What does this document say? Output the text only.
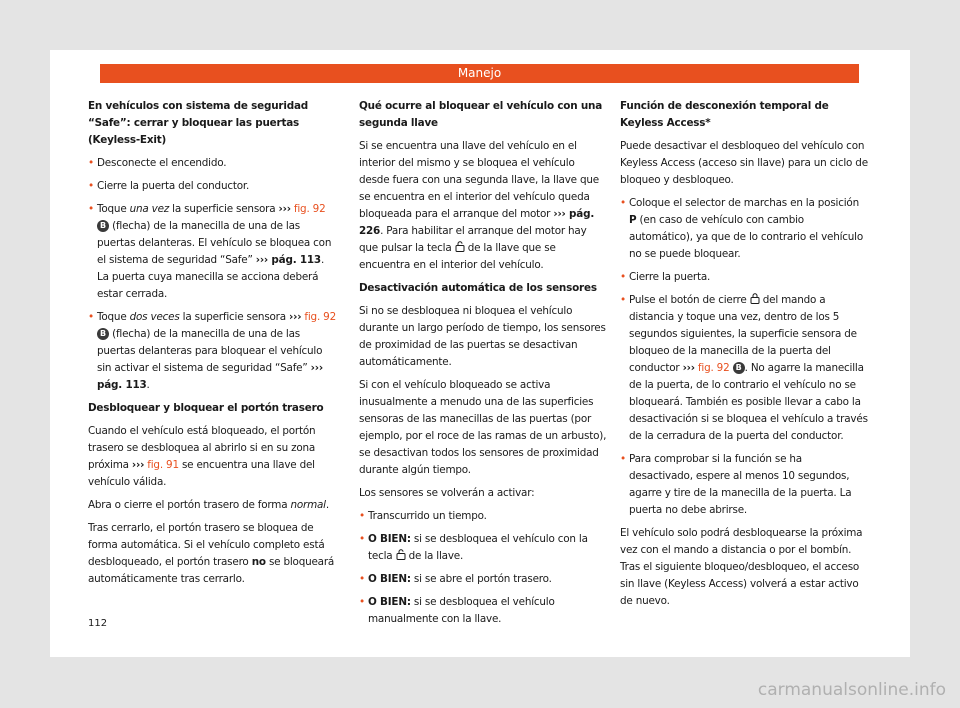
Manejo
En vehículos con sistema de seguridad “Safe”: cerrar y bloquear las puertas (Keyless-Exit)
• Desconecte el encendido.
• Cierre la puerta del conductor.
• Toque una vez la superficie sensora ››› fig. 92 B (flecha) de la manecilla de una de las puertas delanteras. El vehículo se bloquea con el sistema de seguridad “Safe” ››› pág. 113. La puerta cuya manecilla se acciona deberá estar cerrada.
• Toque dos veces la superficie sensora ››› fig. 92 B (flecha) de la manecilla de una de las puertas delanteras para bloquear el vehículo sin activar el sistema de seguridad “Safe” ››› pág. 113.
Desbloquear y bloquear el portón trasero

Cuando el vehículo está bloqueado, el portón trasero se desbloquea al abrirlo si en su zona próxima ››› fig. 91 se encuentra una llave del vehículo válida.

Abra o cierre el portón trasero de forma normal.

Tras cerrarlo, el portón trasero se bloquea de forma automática. Si el vehículo completo está desbloqueado, el portón trasero no se bloqueará automáticamente tras cerrarlo.

Qué ocurre al bloquear el vehículo con una segunda llave

Si se encuentra una llave del vehículo en el interior del mismo y se bloquea el vehículo desde fuera con una segunda llave, la llave que se encuentra en el interior del vehículo queda bloqueada para el arranque del motor ››› pág. 226. Para habilitar el arranque del motor hay que pulsar la tecla de la llave que se encuentra en el interior del vehículo.

Desactivación automática de los sensores

Si no se desbloquea ni bloquea el vehículo durante un largo período de tiempo, los sensores de proximidad de las puertas se desactivan automáticamente.

Si con el vehículo bloqueado se activa inusualmente a menudo una de las superficies sensoras de las manecillas de las puertas (por ejemplo, por el roce de las ramas de un arbusto), se desactivan todos los sensores de proximidad durante algún tiempo.

Los sensores se volverán a activar:

• Transcurrido un tiempo.
• O BIEN: si se desbloquea el vehículo con la tecla de la llave.
• O BIEN: si se abre el portón trasero.
• O BIEN: si se desbloquea el vehículo manualmente con la llave.
Función de desconexión temporal de Keyless Access*

Puede desactivar el desbloqueo del vehículo con Keyless Access (acceso sin llave) para un ciclo de bloqueo y desbloqueo.

• Coloque el selector de marchas en la posición P (en caso de vehículo con cambio automático), ya que de lo contrario el vehículo no se puede bloquear.
• Cierre la puerta.
• Pulse el botón de cierre del mando a distancia y toque una vez, dentro de los 5 segundos siguientes, la superficie sensora de bloqueo de la manecilla de la puerta del conductor ››› fig. 92 B . No agarre la manecilla de la puerta, de lo contrario el vehículo no se bloqueará. También es posible llevar a cabo la desactivación si se bloquea el vehículo a través de la cerradura de la puerta del conductor.
• Para comprobar si la función se ha desactivado, espere al menos 10 segundos, agarre y tire de la manecilla de la puerta. La puerta no debe abrirse.

El vehículo solo podrá desbloquearse la próxima vez con el mando a distancia o por el bombín. Tras el siguiente bloqueo/desbloqueo, el acceso sin llave (Keyless Access) volverá a estar activo de nuevo.

112
carmanualsonline.info
